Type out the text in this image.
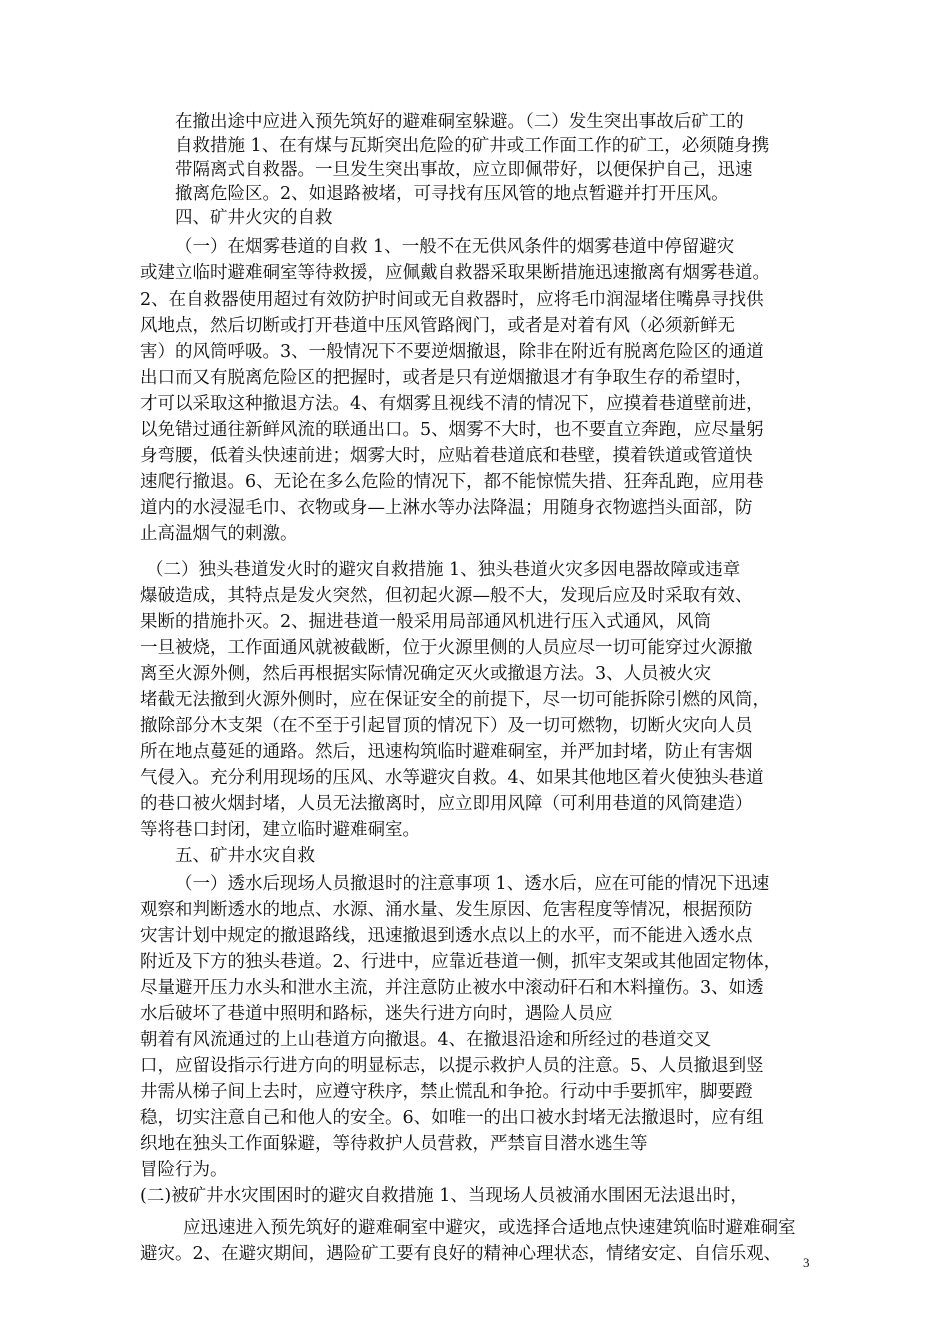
在撤出途中应进入预先筑好的避难硐室躲避。（二）发生突出事故后矿工的
自救措施 1、在有煤与瓦斯突出危险的矿井或工作面工作的矿工，必须随身携
带隔离式自救器。一旦发生突出事故，应立即佩带好，以便保护自己，迅速
撤离危险区。2、如退路被堵，可寻找有压风管的地点暂避并打开压风。
四、矿井火灾的自救
（一）在烟雾巷道的自救 1、一般不在无供风条件的烟雾巷道中停留避灾
或建立临时避难硐室等待救援，应佩戴自救器采取果断措施迅速撤离有烟雾巷道。
2、在自救器使用超过有效防护时间或无自救器时，应将毛巾润湿堵住嘴鼻寻找供
风地点，然后切断或打开巷道中压风管路阀门，或者是对着有风（必须新鲜无
害）的风筒呼吸。3、一般情况下不要逆烟撤退，除非在附近有脱离危险区的通道
出口而又有脱离危险区的把握时，或者是只有逆烟撤退才有争取生存的希望时，
才可以采取这种撤退方法。4、有烟雾且视线不清的情况下，应摸着巷道壁前进，
以免错过通往新鲜风流的联通出口。5、烟雾不大时，也不要直立奔跑，应尽量躬
身弯腰，低着头快速前进；烟雾大时，应贴着巷道底和巷壁，摸着铁道或管道快
速爬行撤退。6、无论在多么危险的情况下，都不能惊慌失措、狂奔乱跑，应用巷
道内的水浸湿毛巾、衣物或身—上淋水等办法降温；用随身衣物遮挡头面部，防
止高温烟气的刺激。
（二）独头巷道发火时的避灾自救措施 1、独头巷道火灾多因电器故障或违章
爆破造成，其特点是发火突然，但初起火源—般不大，发现后应及时采取有效、
果断的措施扑灭。2、掘进巷道一般采用局部通风机进行压入式通风，风筒
一旦被烧，工作面通风就被截断，位于火源里侧的人员应尽一切可能穿过火源撤
离至火源外侧，然后再根据实际情况确定灭火或撤退方法。3、人员被火灾
堵截无法撤到火源外侧时，应在保证安全的前提下，尽一切可能拆除引燃的风筒，
撤除部分木支架（在不至于引起冒顶的情况下）及一切可燃物，切断火灾向人员
所在地点蔓延的通路。然后，迅速构筑临时避难硐室，并严加封堵，防止有害烟
气侵入。充分利用现场的压风、水等避灾自救。4、如果其他地区着火使独头巷道
的巷口被火烟封堵，人员无法撤离时，应立即用风障（可利用巷道的风筒建造）
等将巷口封闭，建立临时避难硐室。
五、矿井水灾自救
（一）透水后现场人员撤退时的注意事项 1、透水后，应在可能的情况下迅速
观察和判断透水的地点、水源、涌水量、发生原因、危害程度等情况，根据预防
灾害计划中规定的撤退路线，迅速撤退到透水点以上的水平，而不能进入透水点
附近及下方的独头巷道。2、行进中，应靠近巷道一侧，抓牢支架或其他固定物体，
尽量避开压力水头和泄水主流，并注意防止被水中滚动矸石和木料撞伤。3、如透
水后破坏了巷道中照明和路标，迷失行进方向时，遇险人员应
朝着有风流通过的上山巷道方向撤退。4、在撤退沿途和所经过的巷道交叉
口，应留设指示行进方向的明显标志，以提示救护人员的注意。5、人员撤退到竖
井需从梯子间上去时，应遵守秩序，禁止慌乱和争抢。行动中手要抓牢，脚要蹬
稳，切实注意自己和他人的安全。6、如唯一的出口被水封堵无法撤退时，应有组
织地在独头工作面躲避，等待救护人员营救，严禁盲目潜水逃生等
冒险行为。
(二)被矿井水灾围困时的避灾自救措施 1、当现场人员被涌水围困无法退出时，
应迅速进入预先筑好的避难硐室中避灾，或选择合适地点快速建筑临时避难硐室
避灾。2、在避灾期间，遇险矿工要有良好的精神心理状态，情绪安定、自信乐观、 3
